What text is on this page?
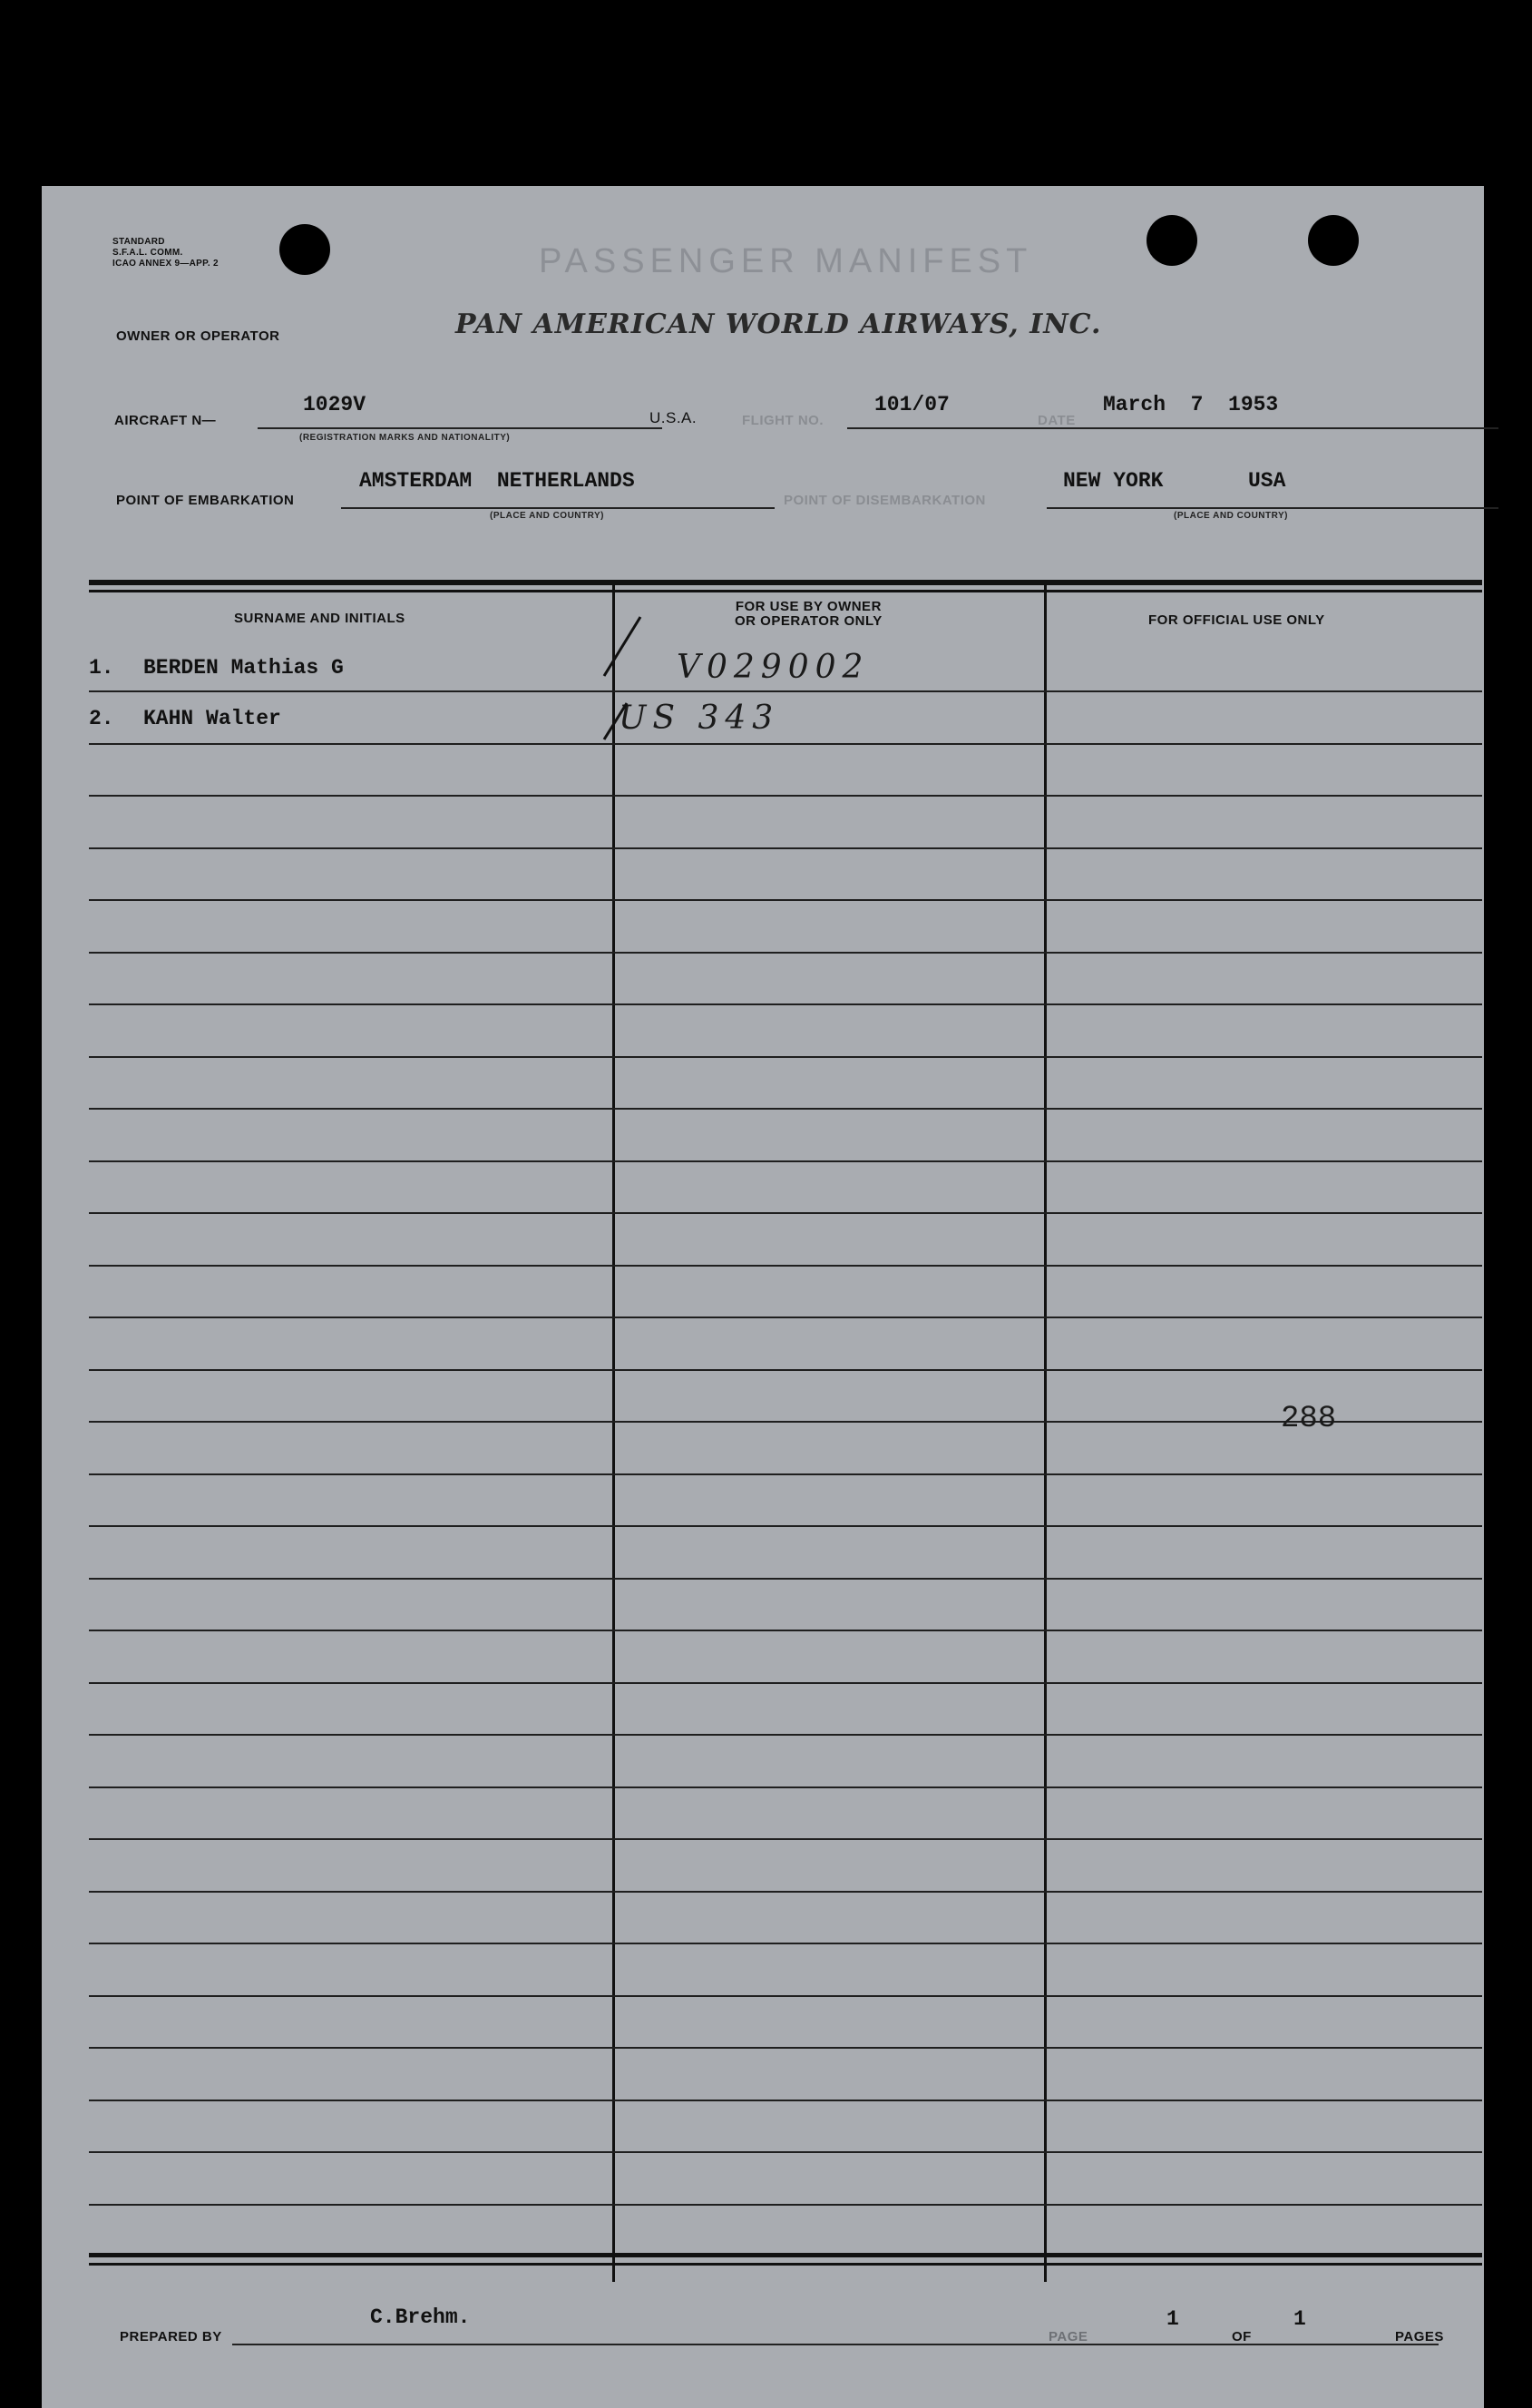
STANDARD
S.F.A.L. COMM.
ICAO ANNEX 9—APP. 2	PASSENGER MANIFEST
OWNER OR OPERATOR	PAN AMERICAN WORLD AIRWAYS, INC.
AIRCRAFT N—
1029V
(REGISTRATION MARKS AND NATIONALITY)
U.S.A.	FLIGHT NO.
101/07
DATE
March  7  1953
POINT OF EMBARKATION
AMSTERDAM  NETHERLANDS
(PLACE AND COUNTRY)
POINT OF DISEMBARKATION
NEW YORK	USA
(PLACE AND COUNTRY)
SURNAME AND INITIALS
FOR USE BY OWNER
OR OPERATOR ONLY	FOR OFFICIAL USE ONLY
1. BERDEN Mathias G	V029002
2. KAHN Walter	US 343
288
PREPARED BY
C.Brehm.
PAGE
1
OF
1
PAGES
